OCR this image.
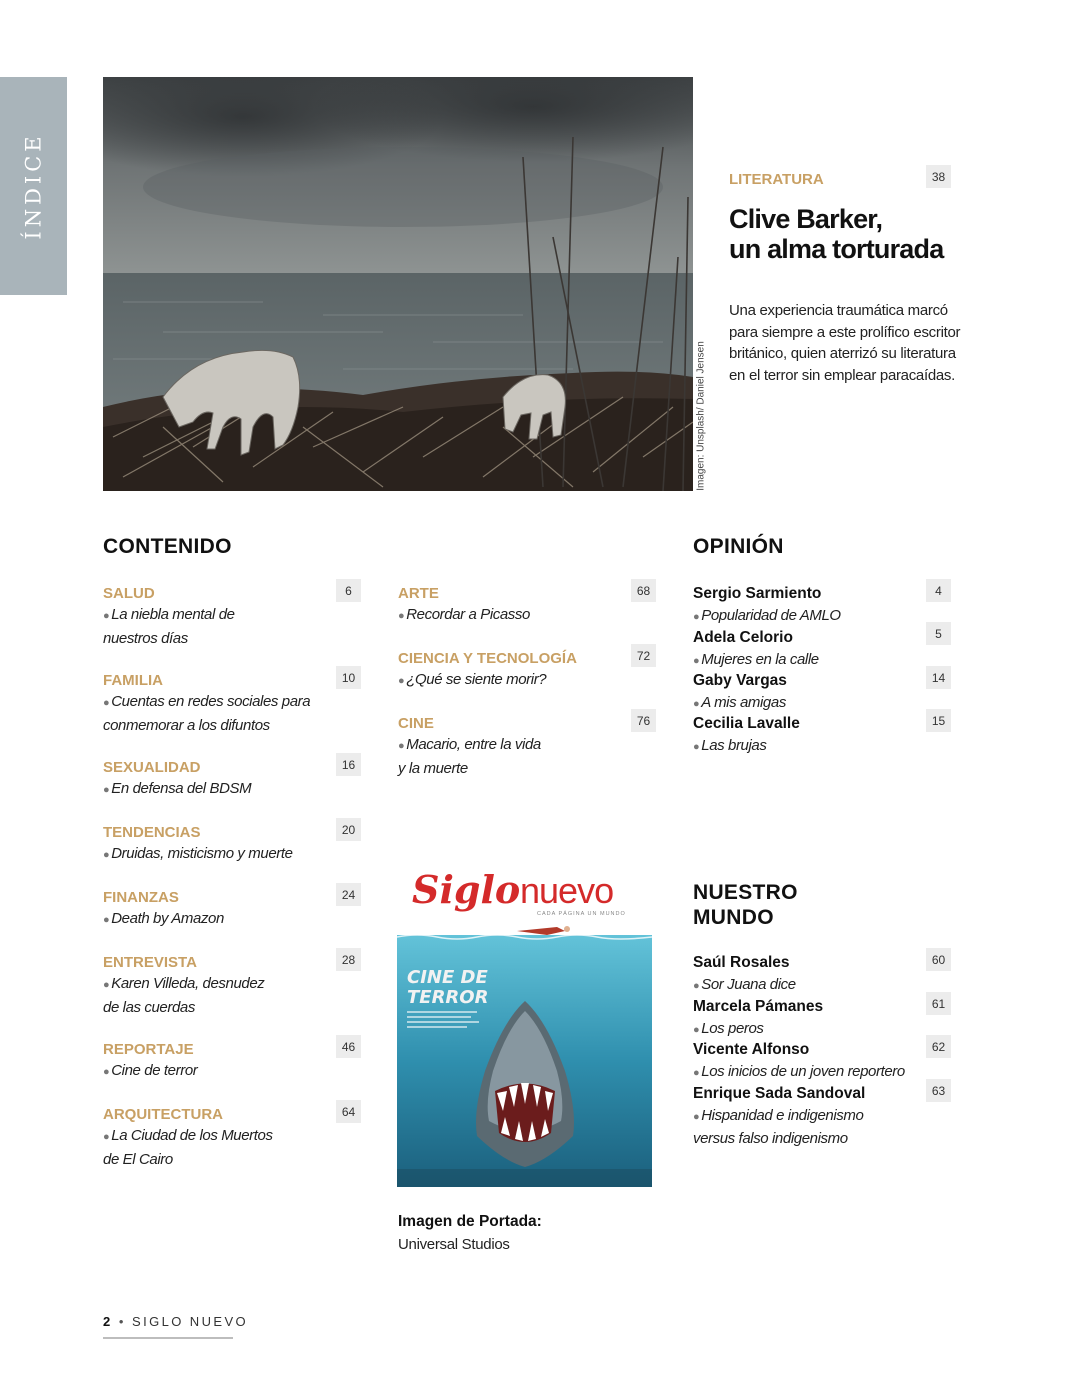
ÍNDICE
Imagen: Unsplash/ Daniel Jensen
LITERATURA	38
Clive Barker,
un alma torturada
Una experiencia traumática marcó para siempre a este prolífico escritor británico, quien aterrizó su literatura en el terror sin emplear paracaídas.
CONTENIDO	OPINIÓN
NUESTRO
MUNDO
SALUD
● La niebla mental de
nuestros días
6
FAMILIA
● Cuentas en redes sociales para
conmemorar a los difuntos
10
SEXUALIDAD
● En defensa del BDSM
16
TENDENCIAS
● Druidas, misticismo y muerte
20
FINANZAS
● Death by Amazon
24
ENTREVISTA
● Karen Villeda, desnudez
de las cuerdas
28
REPORTAJE
● Cine de terror
46
ARQUITECTURA
● La Ciudad de los Muertos
de El Cairo
64
ARTE
● Recordar a Picasso
68
CIENCIA Y TECNOLOGÍA
● ¿Qué se siente morir?
72
CINE
● Macario, entre la vida
y la muerte
76
Sergio Sarmiento
● Popularidad de AMLO
4
Adela Celorio
● Mujeres en la calle
5
Gaby Vargas
● A mis amigas
14
Cecilia Lavalle
● Las brujas
15
Saúl Rosales
● Sor Juana dice
60
Marcela Pámanes
● Los peros
61
Vicente Alfonso
● Los inicios de un joven reportero
62
Enrique Sada Sandoval
● Hispanidad e indigenismo
versus falso indigenismo
63
Siglo nuevo
CADA PÁGINA UN MUNDO
CINE DE
TERROR
Imagen de Portada:
Universal Studios
2 • SIGLO NUEVO
